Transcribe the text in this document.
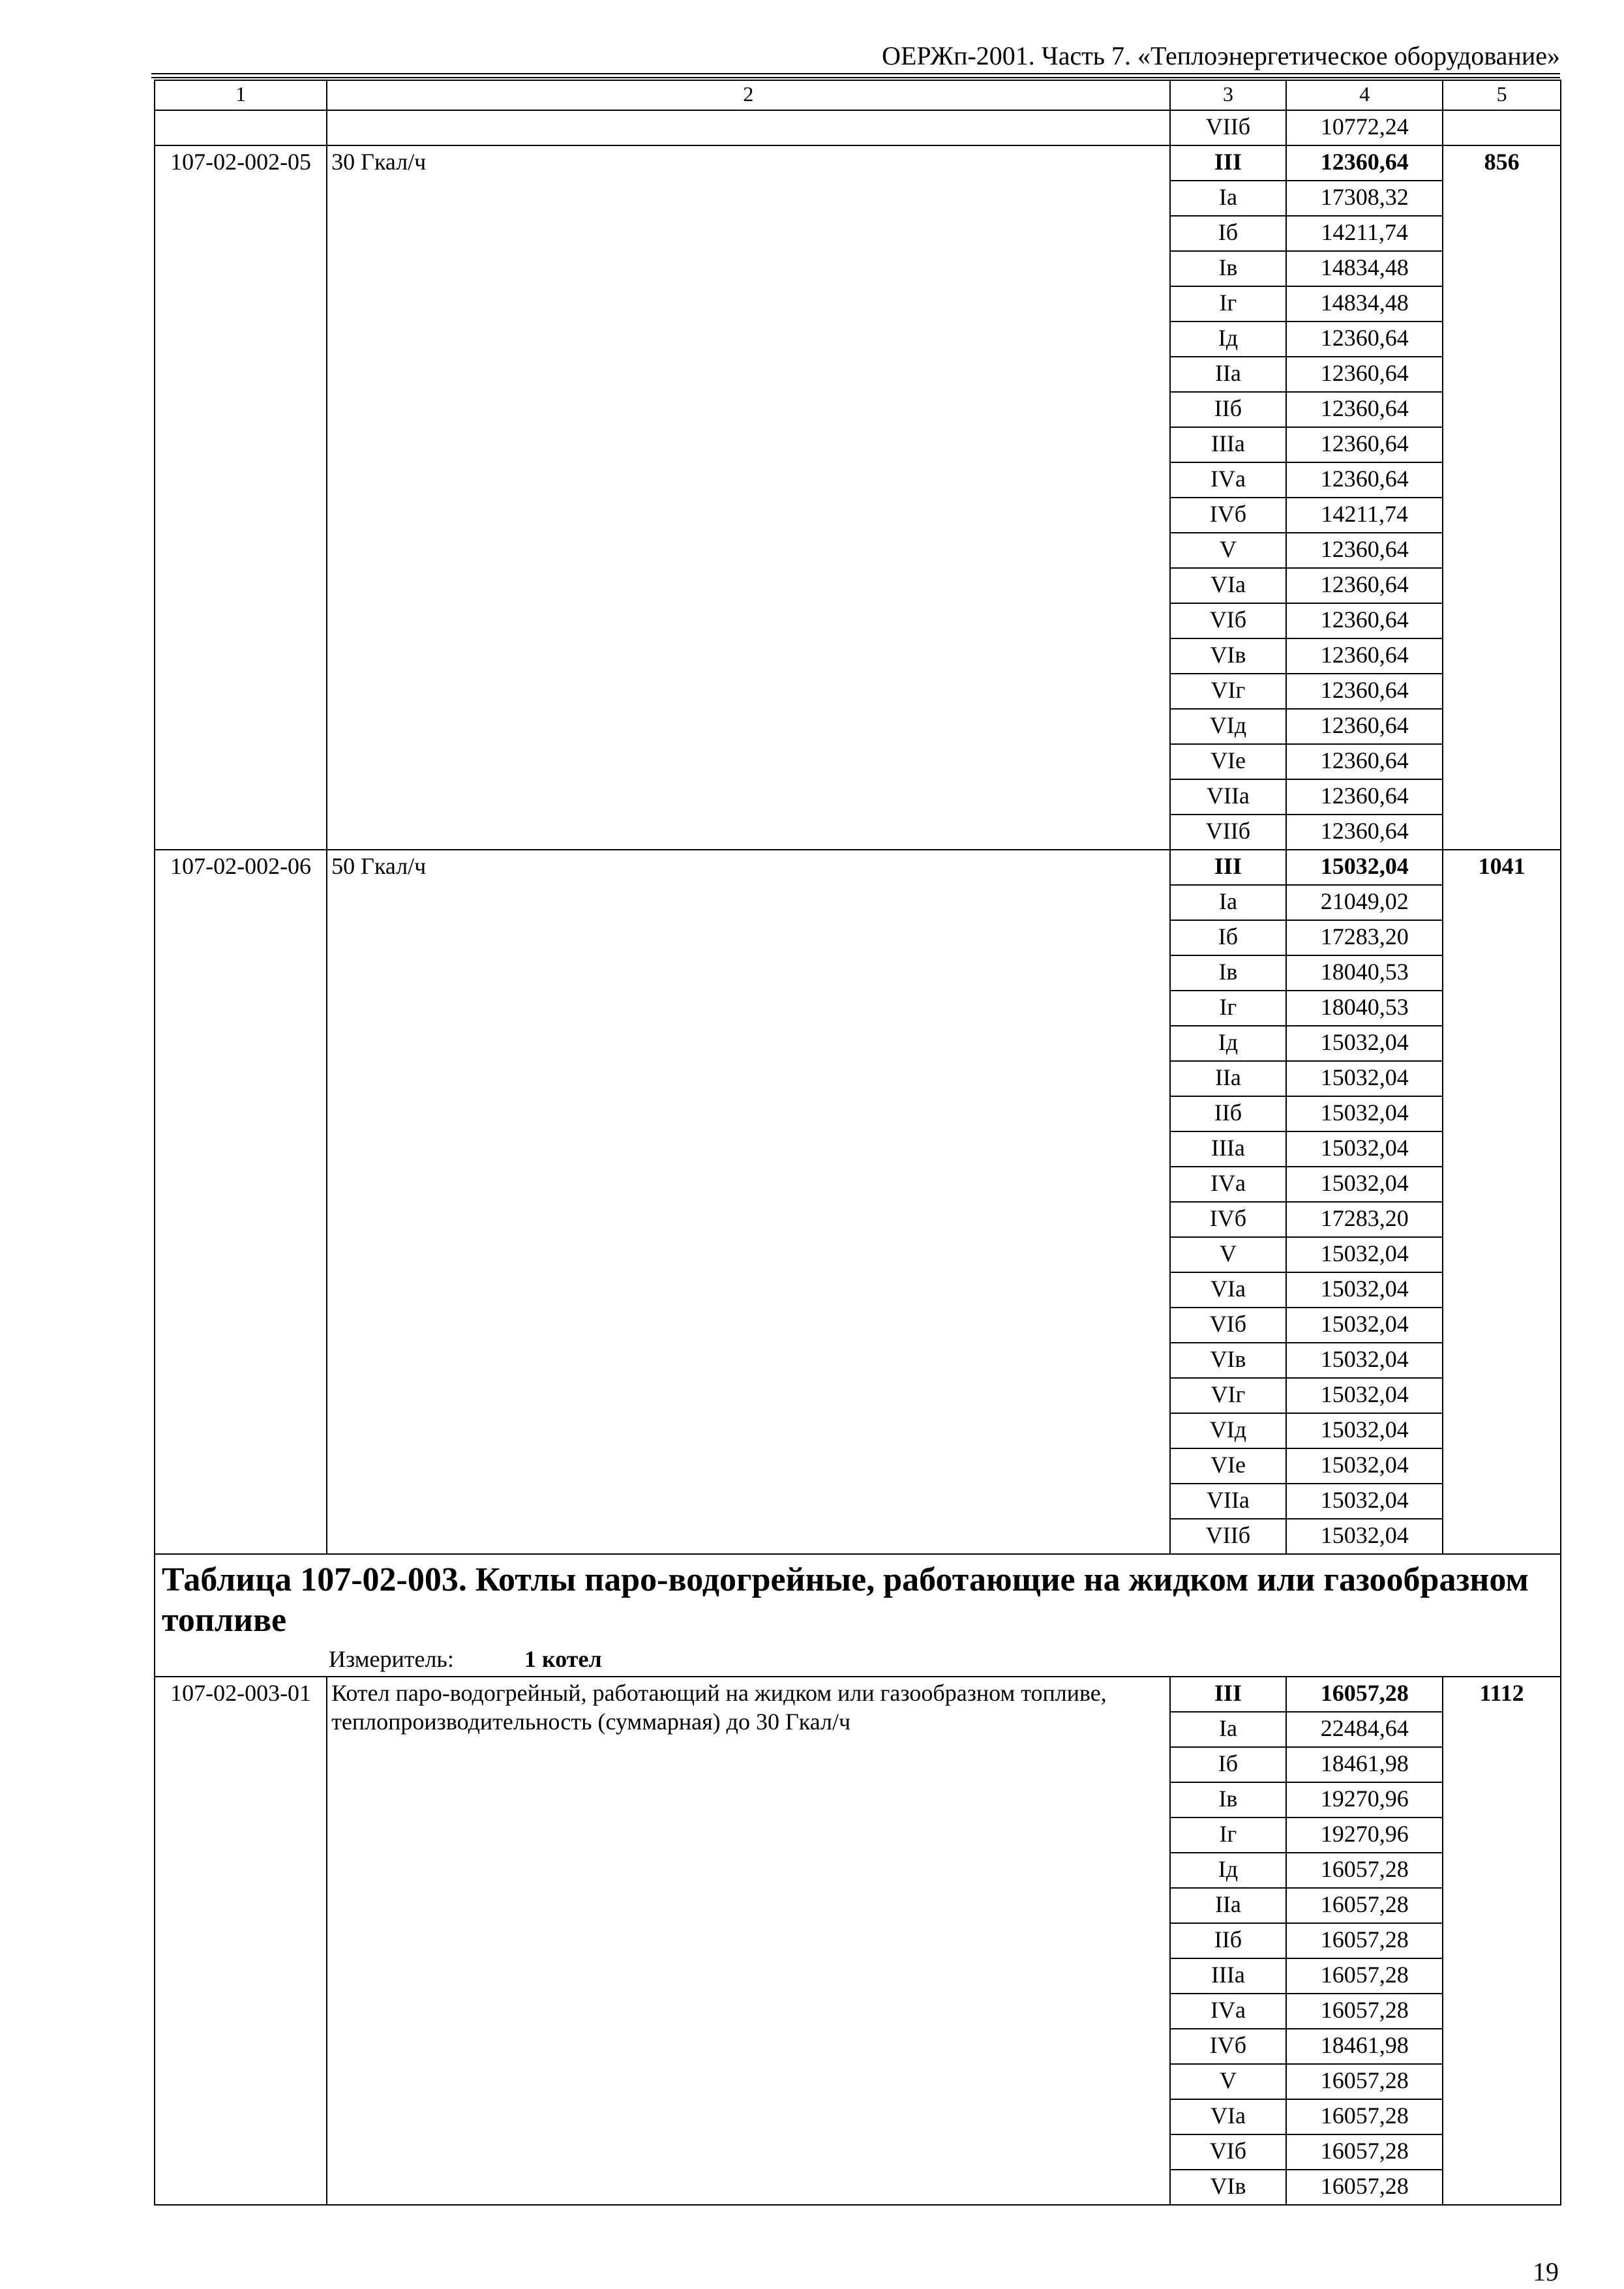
ОЕРЖп-2001. Часть 7. «Теплоэнергетическое оборудование»
1	2	3	4	5
		VIIб	10772,24	
107-02-002-05	30 Гкал/ч	III	12360,64	856
		Iа	17308,32	
		Iб	14211,74	
		Iв	14834,48	
		Iг	14834,48	
		Iд	12360,64	
		IIа	12360,64	
		IIб	12360,64	
		IIIа	12360,64	
		IVа	12360,64	
		IVб	14211,74	
		V	12360,64	
		VIа	12360,64	
		VIб	12360,64	
		VIв	12360,64	
		VIг	12360,64	
		VIд	12360,64	
		VIе	12360,64	
		VIIа	12360,64	
		VIIб	12360,64	
107-02-002-06	50 Гкал/ч	III	15032,04	1041
		Iа	21049,02	
		Iб	17283,20	
		Iв	18040,53	
		Iг	18040,53	
		Iд	15032,04	
		IIа	15032,04	
		IIб	15032,04	
		IIIа	15032,04	
		IVа	15032,04	
		IVб	17283,20	
		V	15032,04	
		VIа	15032,04	
		VIб	15032,04	
		VIв	15032,04	
		VIг	15032,04	
		VIд	15032,04	
		VIе	15032,04	
		VIIа	15032,04	
		VIIб	15032,04	

Таблица 107-02-003. Котлы паро-водогрейные, работающие на жидком или газообразном топливе
Измеритель: 1 котел				

107-02-003-01	Котел паро-водогрейный, работающий на жидком или газообразном топливе, теплопроизводительность (суммарная) до 30 Гкал/ч	III	16057,28	1112
		Iа	22484,64	
		Iб	18461,98	
		Iв	19270,96	
		Iг	19270,96	
		Iд	16057,28	
		IIа	16057,28	
		IIб	16057,28	
		IIIа	16057,28	
		IVа	16057,28	
		IVб	18461,98	
		V	16057,28	
		VIа	16057,28	
		VIб	16057,28	
		VIв	16057,28	
19
